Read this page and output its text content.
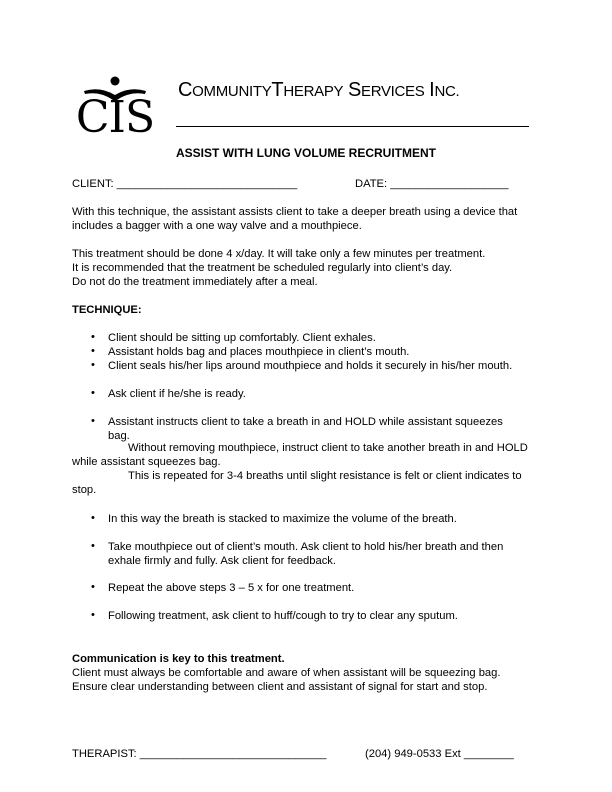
CIS
COMMUNITYTHERAPY SERVICES INC.
ASSIST WITH LUNG VOLUME RECRUITMENT
CLIENT: _____________________________	DATE: ___________________
With this technique, the assistant assists client to take a deeper breath using a device that
includes a bagger with a one way valve and a mouthpiece.
This treatment should be done 4 x/day. It will take only a few minutes per treatment.
It is recommended that the treatment be scheduled regularly into client’s day.
Do not do the treatment immediately after a meal.
TECHNIQUE:
• Client should be sitting up comfortably. Client exhales.
• Assistant holds bag and places mouthpiece in client’s mouth.
• Client seals his/her lips around mouthpiece and holds it securely in his/her mouth.
• Ask client if he/she is ready.
• Assistant instructs client to take a breath in and HOLD while assistant squeezes
bag.
Without removing mouthpiece, instruct client to take another breath in and HOLD
while assistant squeezes bag.
This is repeated for 3-4 breaths until slight resistance is felt or client indicates to
stop.
• In this way the breath is stacked to maximize the volume of the breath.
• Take mouthpiece out of client’s mouth. Ask client to hold his/her breath and then
exhale firmly and fully. Ask client for feedback.
• Repeat the above steps 3 – 5 x for one treatment.
• Following treatment, ask client to huff/cough to try to clear any sputum.
Communication is key to this treatment.
Client must always be comfortable and aware of when assistant will be squeezing bag.
Ensure clear understanding between client and assistant of signal for start and stop.
THERAPIST: ______________________________	(204) 949-0533 Ext ________
